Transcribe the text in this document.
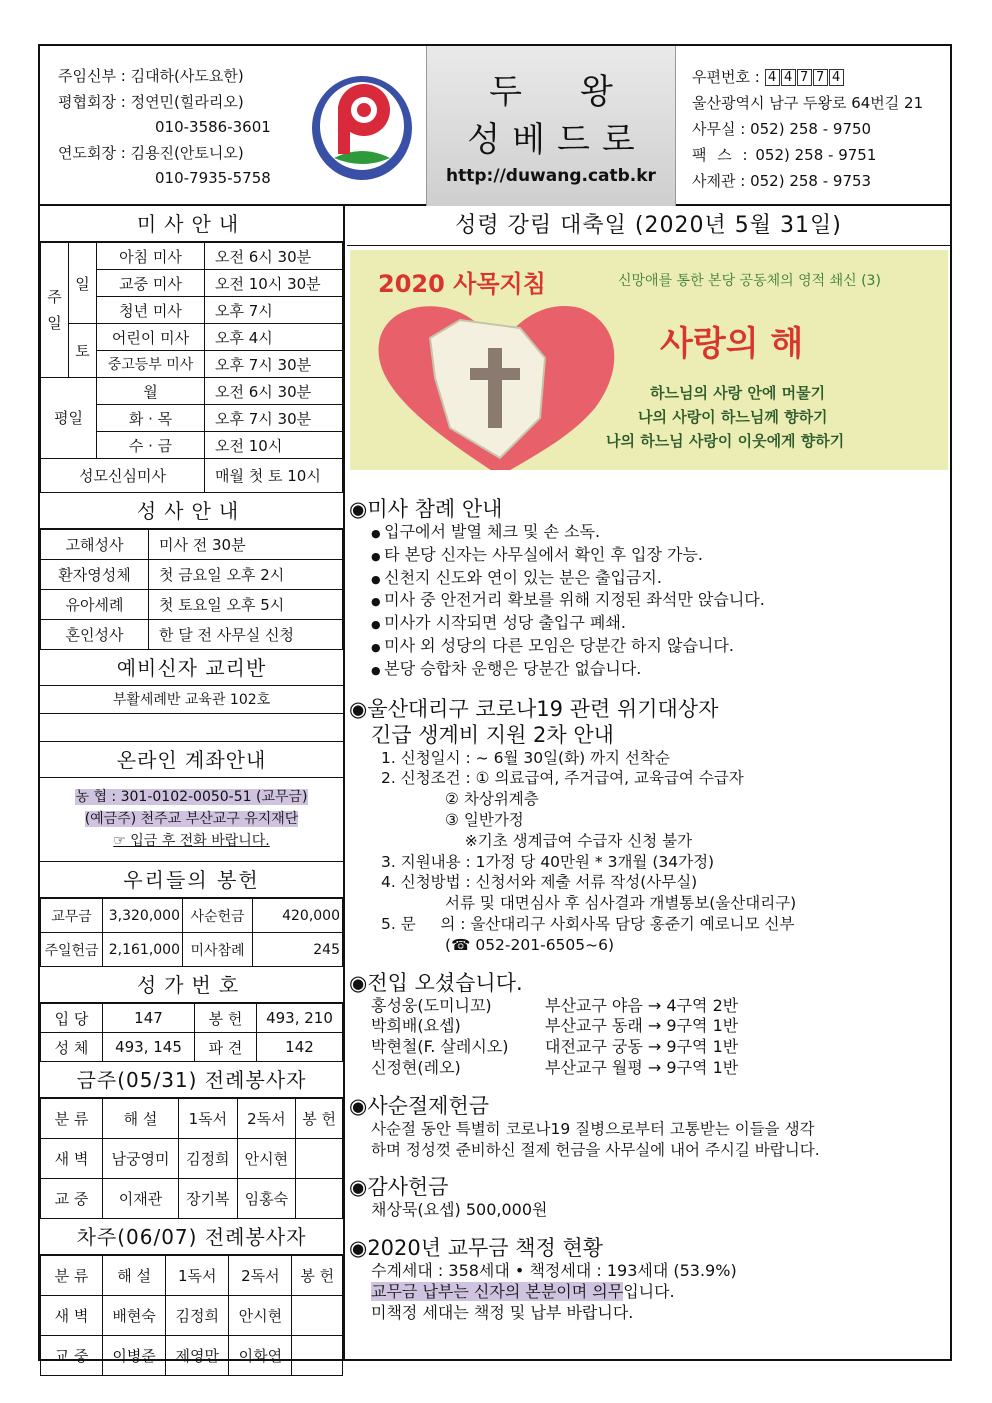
주임신부 : 김대하(사도요한)
평협회장 : 정연민(힐라리오)
010-3586-3601
연도회장 : 김용진(안토니오)
010-7935-5758
두왕
성베드로
http://duwang.catb.kr
우편번호 : 4 4 7 7 4
울산광역시 남구 두왕로 64번길 21
사무실 : 052) 258 - 9750
팩 스 : 052) 258 - 9751
사제관 : 052) 258 - 9753
미사안내
주일	일	아침 미사	오전 6시 30분
		교중 미사	오전 10시 30분
		청년 미사	오후 7시
	토	어린이 미사	오후 4시
		중고등부 미사	오후 7시 30분
평일		월	오전 6시 30분
		화 · 목	오후 7시 30분
		수 · 금	오전 10시
성모신심미사			매월 첫 토 10시
성사안내
고해성사	미사 전 30분
환자영성체	첫 금요일 오후 2시
유아세례	첫 토요일 오후 5시
혼인성사	한 달 전 사무실 신청
예비신자 교리반
부활세례반 교육관 102호
온라인 계좌안내
농 협 : 301-0102-0050-51 (교무금)
(예금주) 천주교 부산교구 유지재단
☞ 입금 후 전화 바랍니다.
우리들의 봉헌
교무금	3,320,000	사순헌금	420,000
주일헌금	2,161,000	미사참례	245
성가번호
입 당	147	봉 헌	493, 210
성 체	493, 145	파 견	142
금주(05/31) 전례봉사자
분 류	해 설	1독서	2독서	봉 헌
새 벽	남궁영미	김정희	안시현	
교 중	이재관	장기복	임홍숙	
차주(06/07) 전례봉사자
분 류	해 설	1독서	2독서	봉 헌
새 벽	배현숙	김정희	안시현	
교 중	이병준	제영만	이화연	
성령 강림 대축일 (2020년 5월 31일)
2020 사목지침	신망애를 통한 본당 공동체의 영적 쇄신 (3)
사랑의 해
하느님의 사랑 안에 머물기
나의 사랑이 하느님께 향하기
나의 하느님 사랑이 이웃에게 향하기
◉미사 참례 안내
● 입구에서 발열 체크 및 손 소독.
● 타 본당 신자는 사무실에서 확인 후 입장 가능.
● 신천지 신도와 연이 있는 분은 출입금지.
● 미사 중 안전거리 확보를 위해 지정된 좌석만 앉습니다.
● 미사가 시작되면 성당 출입구 폐쇄.
● 미사 외 성당의 다른 모임은 당분간 하지 않습니다.
● 본당 승합차 운행은 당분간 없습니다.
◉울산대리구 코로나19 관련 위기대상자
긴급 생계비 지원 2차 안내
1. 신청일시 : ~ 6월 30일(화) 까지 선착순
2. 신청조건 : ① 의료급여, 주거급여, 교육급여 수급자
② 차상위계층
③ 일반가정
※기초 생계급여 수급자 신청 불가
3. 지원내용 : 1가정 당 40만원 * 3개월 (34가정)
4. 신청방법 : 신청서와 제출 서류 작성(사무실)
서류 및 대면심사 후 심사결과 개별통보(울산대리구)
5. 문     의 : 울산대리구 사회사목 담당 홍준기 예로니모 신부
(☎ 052-201-6505~6)
◉전입 오셨습니다.
홍성웅(도미니꼬)	부산교구 야음 → 4구역 2반
박희배(요셉)	부산교구 동래 → 9구역 1반
박현철(F. 살레시오) 대전교구 궁동 → 9구역 1반
신정현(레오)	부산교구 월평 → 9구역 1반
◉사순절제헌금
사순절 동안 특별히 코로나19 질병으로부터 고통받는 이들을 생각
하며 정성껏 준비하신 절제 헌금을 사무실에 내어 주시길 바랍니다.
◉감사헌금
채상묵(요셉) 500,000원
◉2020년 교무금 책정 현황
수계세대 : 358세대 • 책정세대 : 193세대 (53.9%)
교무금 납부는 신자의 본분이며 의무입니다.
미책정 세대는 책정 및 납부 바랍니다.
